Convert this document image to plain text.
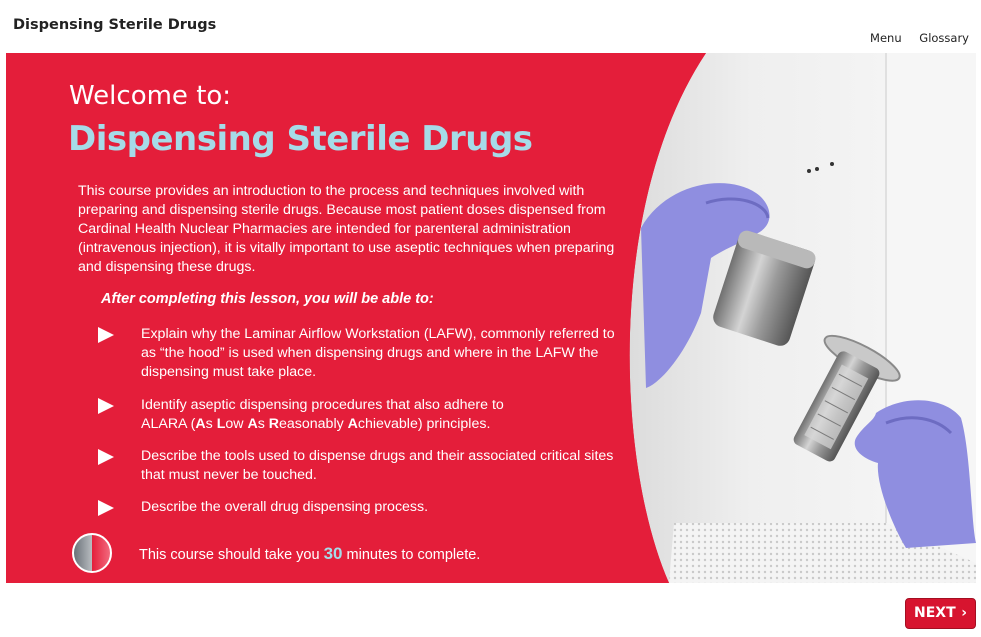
Dispensing Sterile Drugs
Menu Glossary
Welcome to:
Dispensing Sterile Drugs

This course provides an introduction to the process and techniques involved with preparing and dispensing sterile drugs. Because most patient doses dispensed from Cardinal Health Nuclear Pharmacies are intended for parenteral administration (intravenous injection), it is vitally important to use aseptic techniques when preparing and dispensing these drugs.

After completing this lesson, you will be able to:
Explain why the Laminar Airflow Workstation (LAFW), commonly referred to as “the hood” is used when dispensing drugs and where in the LAFW the dispensing must take place.
Identify aseptic dispensing procedures that also adhere to
ALARA (As Low As Reasonably Achievable) principles.
Describe the tools used to dispense drugs and their associated critical sites that must never be touched.
Describe the overall drug dispensing process.
This course should take you 30 minutes to complete.
NEXT ›
